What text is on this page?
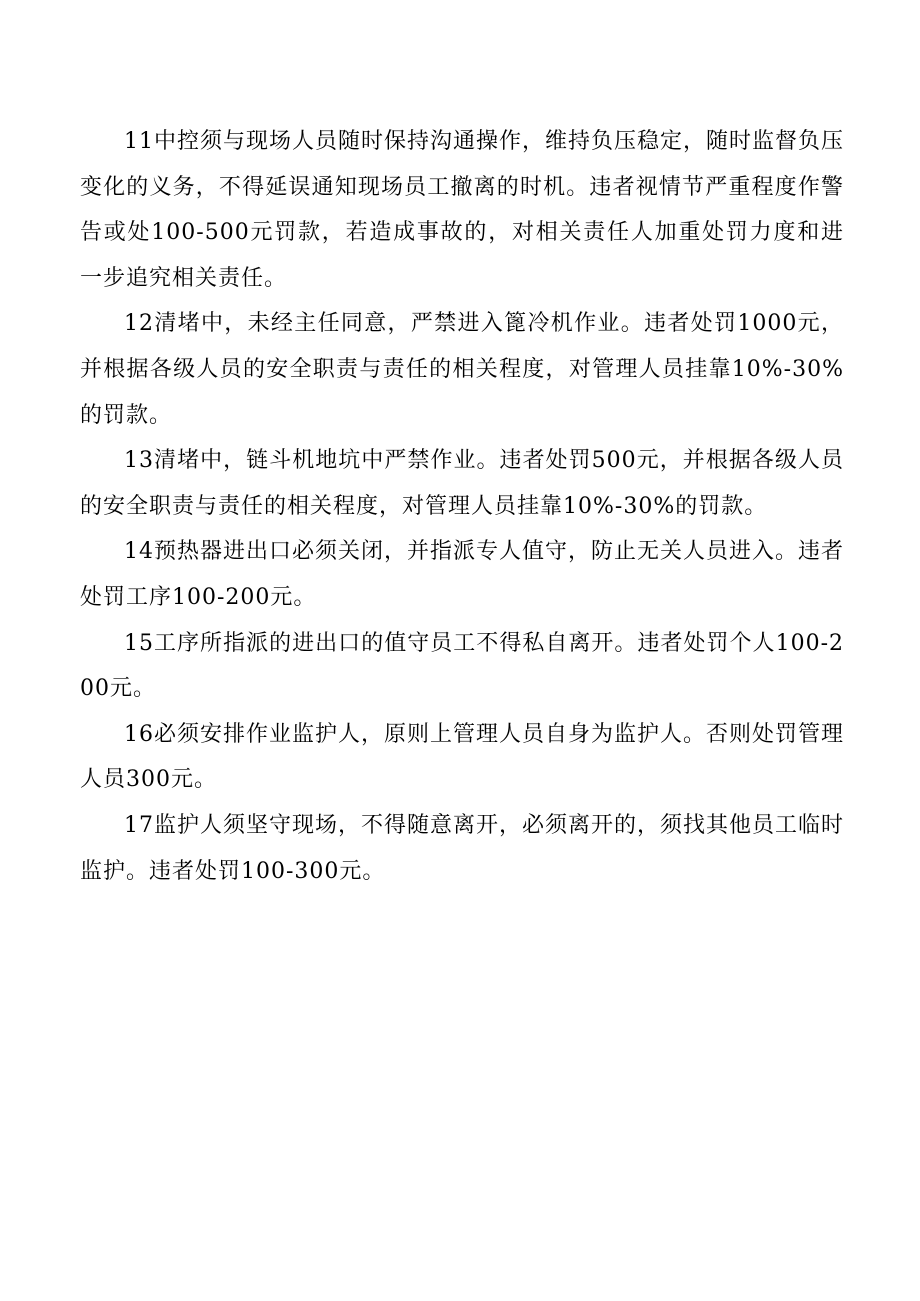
11中控须与现场人员随时保持沟通操作，维持负压稳定，随时监督负压变化的义务，不得延误通知现场员工撤离的时机。违者视情节严重程度作警告或处100-500元罚款，若造成事故的，对相关责任人加重处罚力度和进一步追究相关责任。

12清堵中，未经主任同意，严禁进入篦冷机作业。违者处罚1000元，并根据各级人员的安全职责与责任的相关程度，对管理人员挂靠10%-30%的罚款。

13清堵中，链斗机地坑中严禁作业。违者处罚500元，并根据各级人员的安全职责与责任的相关程度，对管理人员挂靠10%-30%的罚款。

14预热器进出口必须关闭，并指派专人值守，防止无关人员进入。违者处罚工序100-200元。

15工序所指派的进出口的值守员工不得私自离开。违者处罚个人100-200元。

16必须安排作业监护人，原则上管理人员自身为监护人。否则处罚管理人员300元。

17监护人须坚守现场，不得随意离开，必须离开的，须找其他员工临时监护。违者处罚100-300元。
